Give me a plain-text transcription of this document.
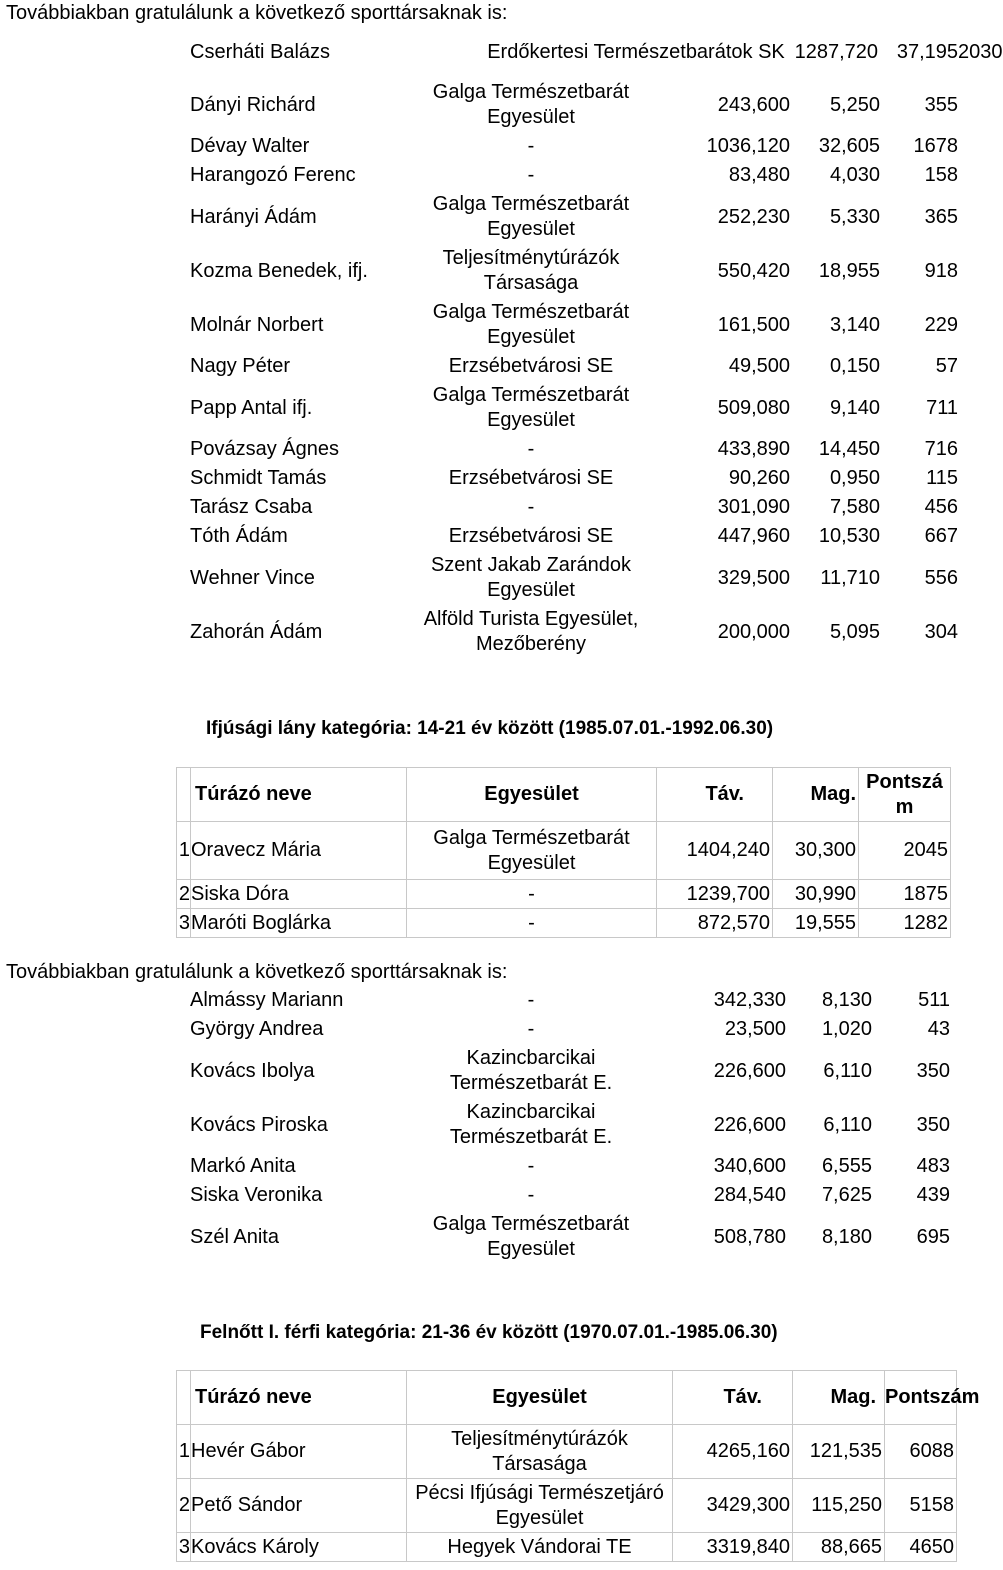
Továbbiakban gratulálunk a következő sporttársaknak is:
	Cserháti Balázs	Erdőkertesi Természetbarátok SK	1287,720	37,195	2030
	Dányi Richárd	Galga Természetbarát Egyesület	243,600	5,250	355
	Dévay Walter	-	1036,120	32,605	1678
	Harangozó Ferenc	-	83,480	4,030	158
	Harányi Ádám	Galga Természetbarát Egyesület	252,230	5,330	365
	Kozma Benedek, ifj.	Teljesítménytúrázók Társasága	550,420	18,955	918
	Molnár Norbert	Galga Természetbarát Egyesület	161,500	3,140	229
	Nagy Péter	Erzsébetvárosi SE	49,500	0,150	57
	Papp Antal ifj.	Galga Természetbarát Egyesület	509,080	9,140	711
	Povázsay Ágnes	-	433,890	14,450	716
	Schmidt Tamás	Erzsébetvárosi SE	90,260	0,950	115
	Tarász Csaba	-	301,090	7,580	456
	Tóth Ádám	Erzsébetvárosi SE	447,960	10,530	667
	Wehner Vince	Szent Jakab Zarándok Egyesület	329,500	11,710	556
	Zahorán Ádám	Alföld Turista Egyesület, Mezőberény	200,000	5,095	304
Ifjúsági lány kategória: 14-21 év között (1985.07.01.-1992.06.30)
	Túrázó neve	Egyesület	Táv.	Mag.	Pontszám
1	Oravecz Mária	Galga Természetbarát Egyesület	1404,240	30,300	2045
2	Siska Dóra	-	1239,700	30,990	1875
3	Maróti Boglárka	-	872,570	19,555	1282
Továbbiakban gratulálunk a következő sporttársaknak is:
	Almássy Mariann	-	342,330	8,130	511
	György Andrea	-	23,500	1,020	43
	Kovács Ibolya	Kazincbarcikai Természetbarát E.	226,600	6,110	350
	Kovács Piroska	Kazincbarcikai Természetbarát E.	226,600	6,110	350
	Markó Anita	-	340,600	6,555	483
	Siska Veronika	-	284,540	7,625	439
	Szél Anita	Galga Természetbarát Egyesület	508,780	8,180	695
Felnőtt I. férfi kategória: 21-36 év között (1970.07.01.-1985.06.30)
	Túrázó neve	Egyesület	Táv.	Mag.	Pontszám
1	Hevér Gábor	Teljesítménytúrázók Társasága	4265,160	121,535	6088
2	Pető Sándor	Pécsi Ifjúsági Természetjáró Egyesület	3429,300	115,250	5158
3	Kovács Károly	Hegyek Vándorai TE	3319,840	88,665	4650
